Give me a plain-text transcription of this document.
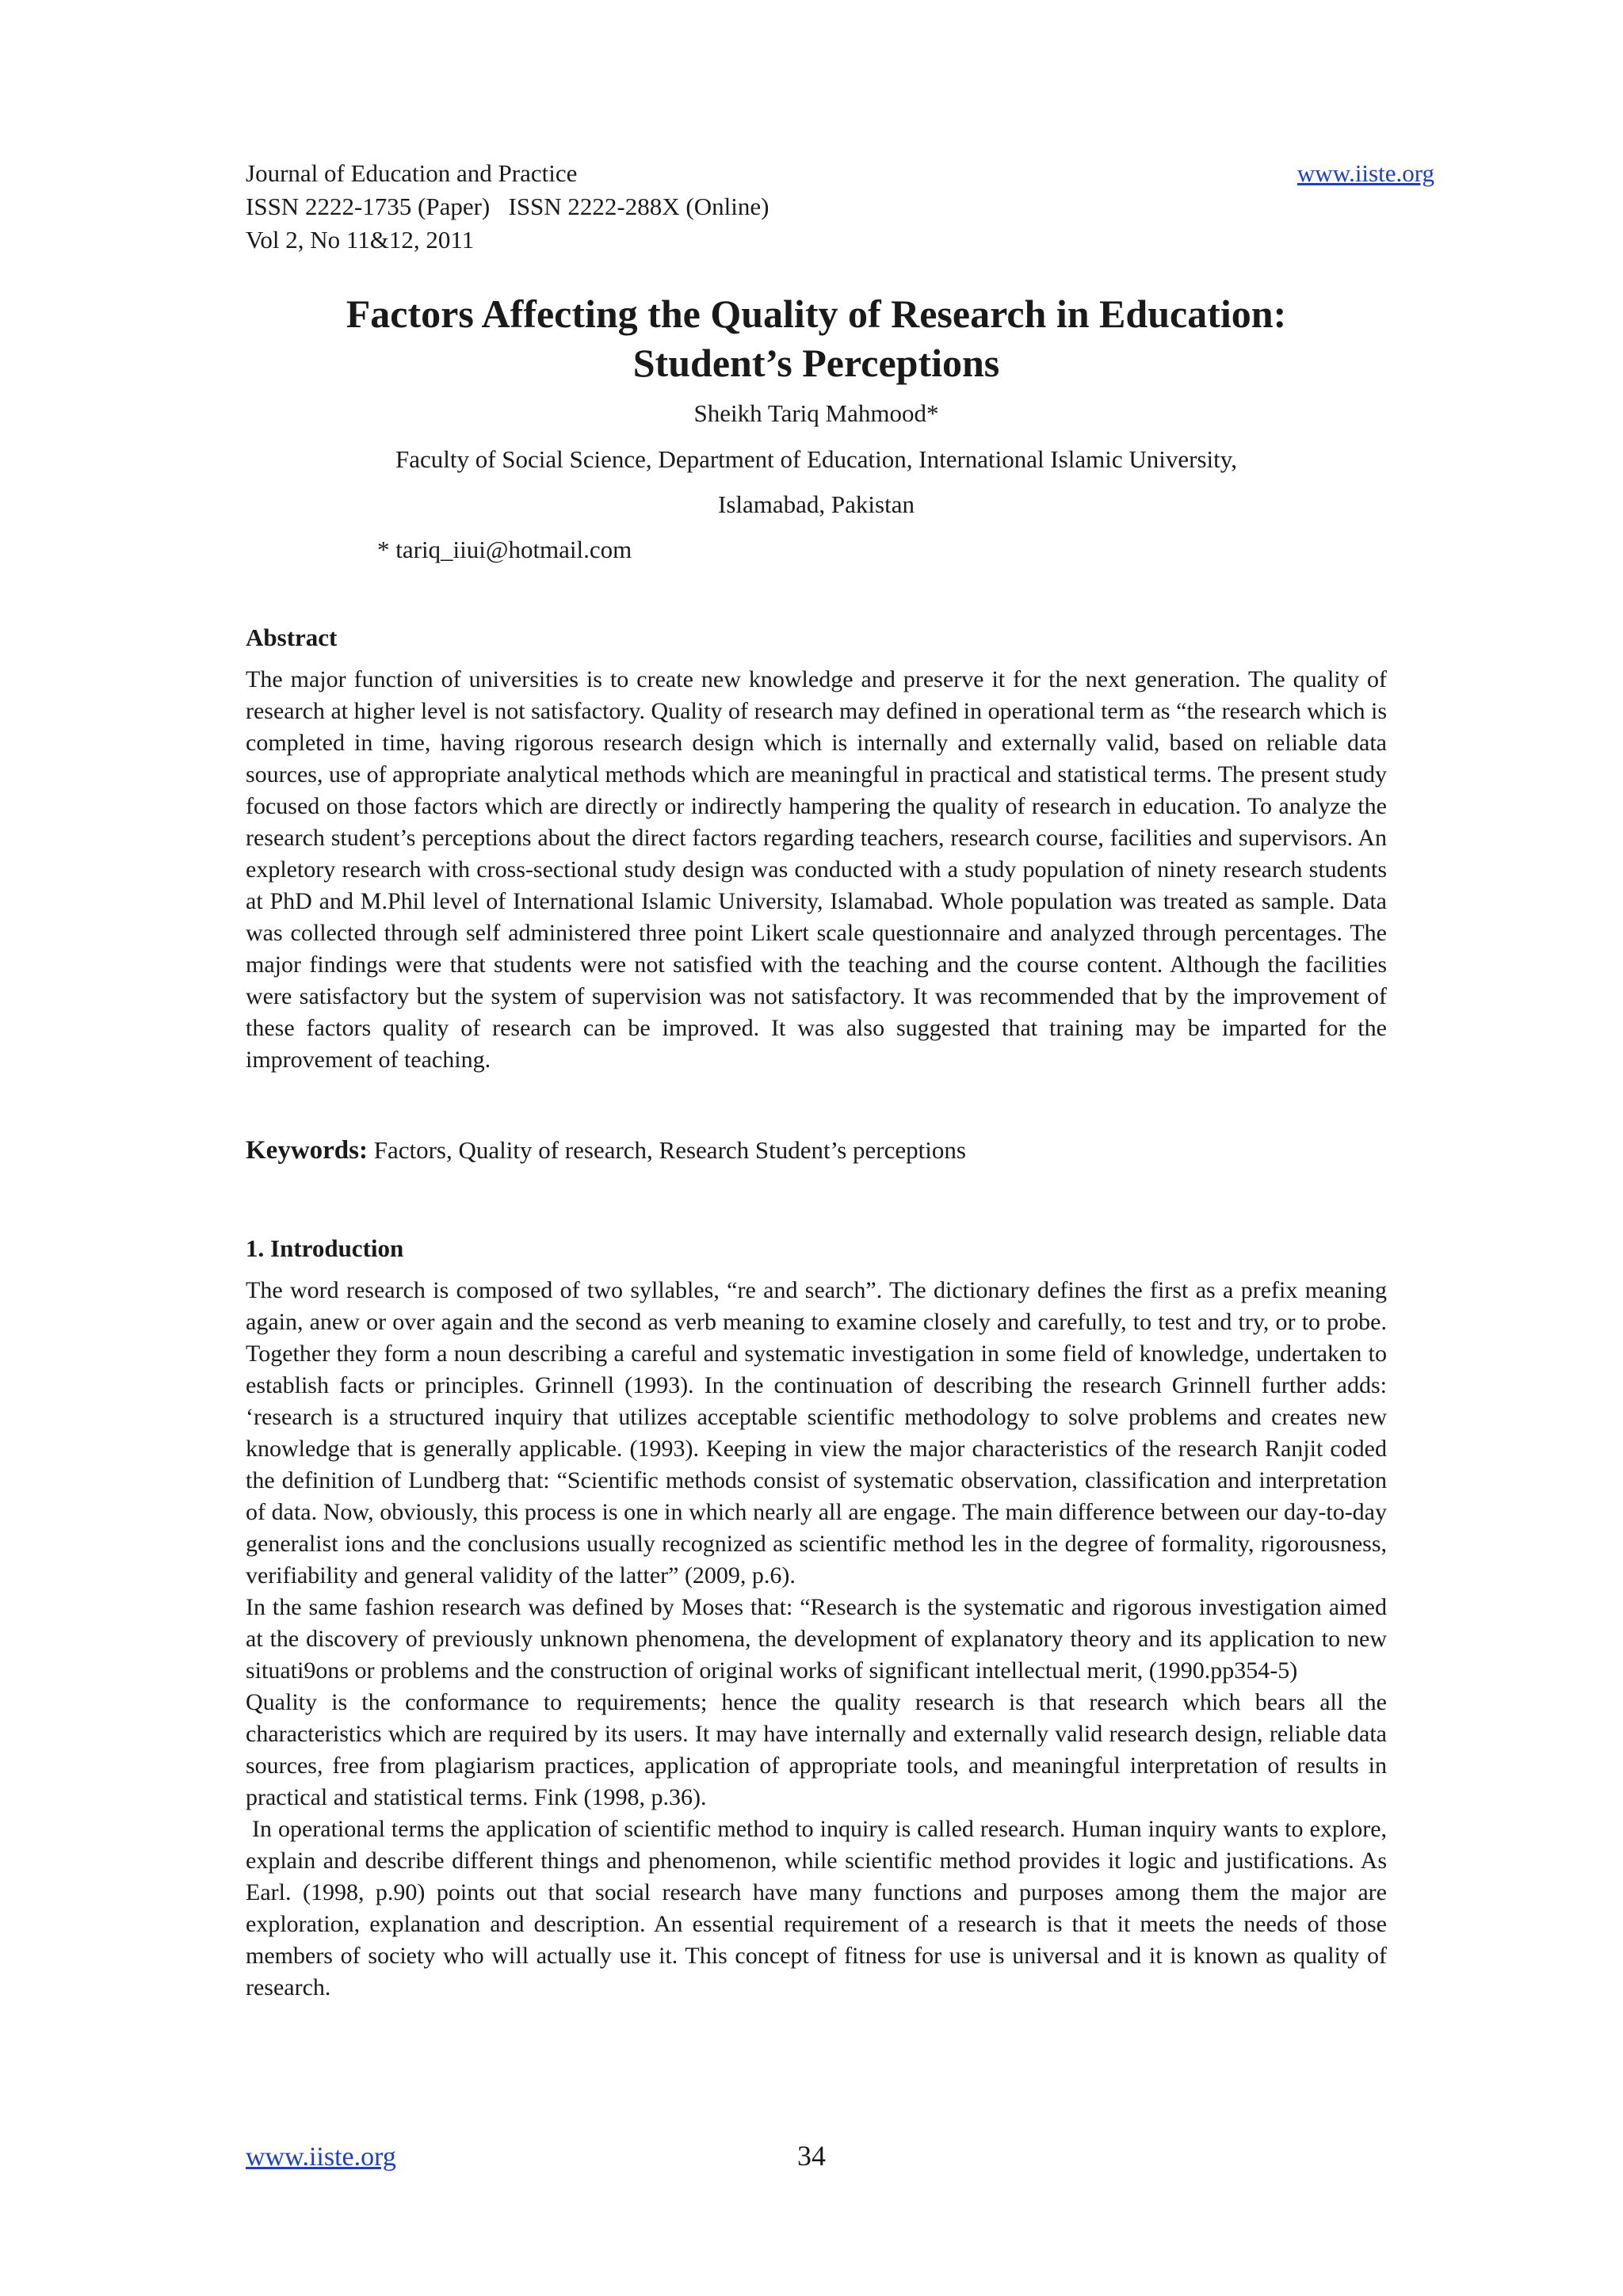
Journal of Education and Practice
ISSN 2222-1735 (Paper)   ISSN 2222-288X (Online)
Vol 2, No 11&12, 2011
www.iiste.org
Factors Affecting the Quality of Research in Education:
Student’s Perceptions
Sheikh Tariq Mahmood*
Faculty of Social Science, Department of Education, International Islamic University,
Islamabad, Pakistan
* tariq_iiui@hotmail.com
Abstract
The major function of universities is to create new knowledge and preserve it for the next generation. The quality of research at higher level is not satisfactory. Quality of research may defined in operational term as “the research which is completed in time, having rigorous research design which is internally and externally valid, based on reliable data sources, use of appropriate analytical methods which are meaningful in practical and statistical terms. The present study focused on those factors which are directly or indirectly hampering the quality of research in education. To analyze the research student’s perceptions about the direct factors regarding teachers, research course, facilities and supervisors. An expletory research with cross-sectional study design was conducted with a study population of ninety research students at PhD and M.Phil level of International Islamic University, Islamabad. Whole population was treated as sample. Data was collected through self administered three point Likert scale questionnaire and analyzed through percentages. The major findings were that students were not satisfied with the teaching and the course content. Although the facilities were satisfactory but the system of supervision was not satisfactory. It was recommended that by the improvement of these factors quality of research can be improved. It was also suggested that training may be imparted for the improvement of teaching.
Keywords: Factors, Quality of research, Research Student’s perceptions
1. Introduction
The word research is composed of two syllables, “re and search”. The dictionary defines the first as a prefix meaning again, anew or over again and the second as verb meaning to examine closely and carefully, to test and try, or to probe. Together they form a noun describing a careful and systematic investigation in some field of knowledge, undertaken to establish facts or principles. Grinnell (1993). In the continuation of describing the research Grinnell further adds: ‘research is a structured inquiry that utilizes acceptable scientific methodology to solve problems and creates new knowledge that is generally applicable. (1993). Keeping in view the major characteristics of the research Ranjit coded the definition of Lundberg that: “Scientific methods consist of systematic observation, classification and interpretation of data. Now, obviously, this process is one in which nearly all are engage. The main difference between our day-to-day generalist ions and the conclusions usually recognized as scientific method les in the degree of formality, rigorousness, verifiability and general validity of the latter” (2009, p.6).
In the same fashion research was defined by Moses that: “Research is the systematic and rigorous investigation aimed at the discovery of previously unknown phenomena, the development of explanatory theory and its application to new situati9ons or problems and the construction of original works of significant intellectual merit, (1990.pp354-5)
Quality is the conformance to requirements; hence the quality research is that research which bears all the characteristics which are required by its users. It may have internally and externally valid research design, reliable data sources, free from plagiarism practices, application of appropriate tools, and meaningful interpretation of results in practical and statistical terms. Fink (1998, p.36).
In operational terms the application of scientific method to inquiry is called research. Human inquiry wants to explore, explain and describe different things and phenomenon, while scientific method provides it logic and justifications. As  Earl. (1998, p.90) points out that social research have many functions and purposes among them the major are exploration, explanation and description. An essential requirement of a research is that it meets the needs of those members of society who will actually use it. This concept of fitness for use is universal and it is known as quality of research.
www.iiste.org	34
